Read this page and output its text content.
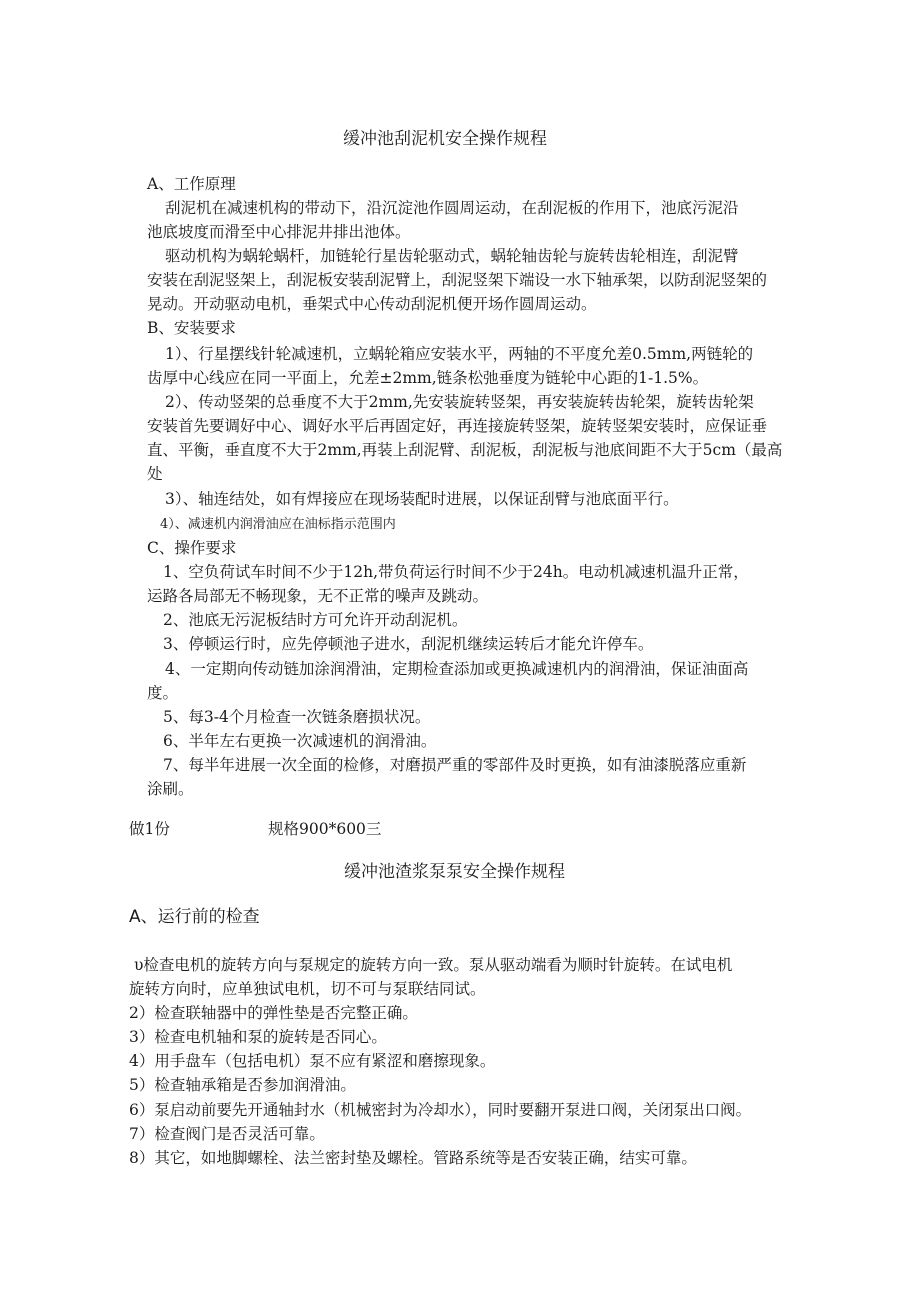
缓冲池刮泥机安全操作规程
A、工作原理
刮泥机在减速机构的带动下，沿沉淀池作圆周运动，在刮泥板的作用下，池底污泥沿
池底坡度而滑至中心排泥井排出池体。
驱动机构为蜗轮蜗杆，加链轮行星齿轮驱动式，蜗轮轴齿轮与旋转齿轮相连，刮泥臂
安装在刮泥竖架上，刮泥板安装刮泥臂上，刮泥竖架下端设一水下轴承架，以防刮泥竖架的
晃动。开动驱动电机，垂架式中心传动刮泥机便开场作圆周运动。
B、安装要求
1）、行星摆线针轮减速机，立蜗轮箱应安装水平，两轴的不平度允差0.5mm,两链轮的
齿厚中心线应在同一平面上，允差±2mm,链条松弛垂度为链轮中心距的1-1.5%。
2）、传动竖架的总垂度不大于2mm,先安装旋转竖架，再安装旋转齿轮架，旋转齿轮架
安装首先要调好中心、调好水平后再固定好，再连接旋转竖架，旋转竖架安装时，应保证垂
直、平衡，垂直度不大于2mm,再装上刮泥臂、刮泥板，刮泥板与池底间距不大于5cm（最高
处
3）、轴连结处，如有焊接应在现场装配时进展，以保证刮臂与池底面平行。
4）、减速机内润滑油应在油标指示范围内
C、操作要求
1、空负荷试车时间不少于12h,带负荷运行时间不少于24h。电动机减速机温升正常，
运路各局部无不畅现象，无不正常的噪声及跳动。
2、池底无污泥板结时方可允许开动刮泥机。
3、停顿运行时，应先停顿池子进水，刮泥机继续运转后才能允许停车。
4、一定期向传动链加涂润滑油，定期检查添加或更换减速机内的润滑油，保证油面高
度。
5、每3-4个月检查一次链条磨损状况。
6、半年左右更换一次减速机的润滑油。
7、每半年进展一次全面的检修，对磨损严重的零部件及时更换，如有油漆脱落应重新
涂刷。
做1份	规格900*600三
缓冲池渣浆泵泵安全操作规程
A、运行前的检查
υ检查电机的旋转方向与泵规定的旋转方向一致。泵从驱动端看为顺时针旋转。在试电机
旋转方向时，应单独试电机，切不可与泵联结同试。
2）检查联轴器中的弹性垫是否完整正确。
3）检查电机轴和泵的旋转是否同心。
4）用手盘车（包括电机）泵不应有紧涩和磨擦现象。
5）检查轴承箱是否参加润滑油。
6）泵启动前要先开通轴封水（机械密封为冷却水），同时要翻开泵进口阀，关闭泵出口阀。
7）检查阀门是否灵活可靠。
8）其它，如地脚螺栓、法兰密封垫及螺栓。管路系统等是否安装正确，结实可靠。
